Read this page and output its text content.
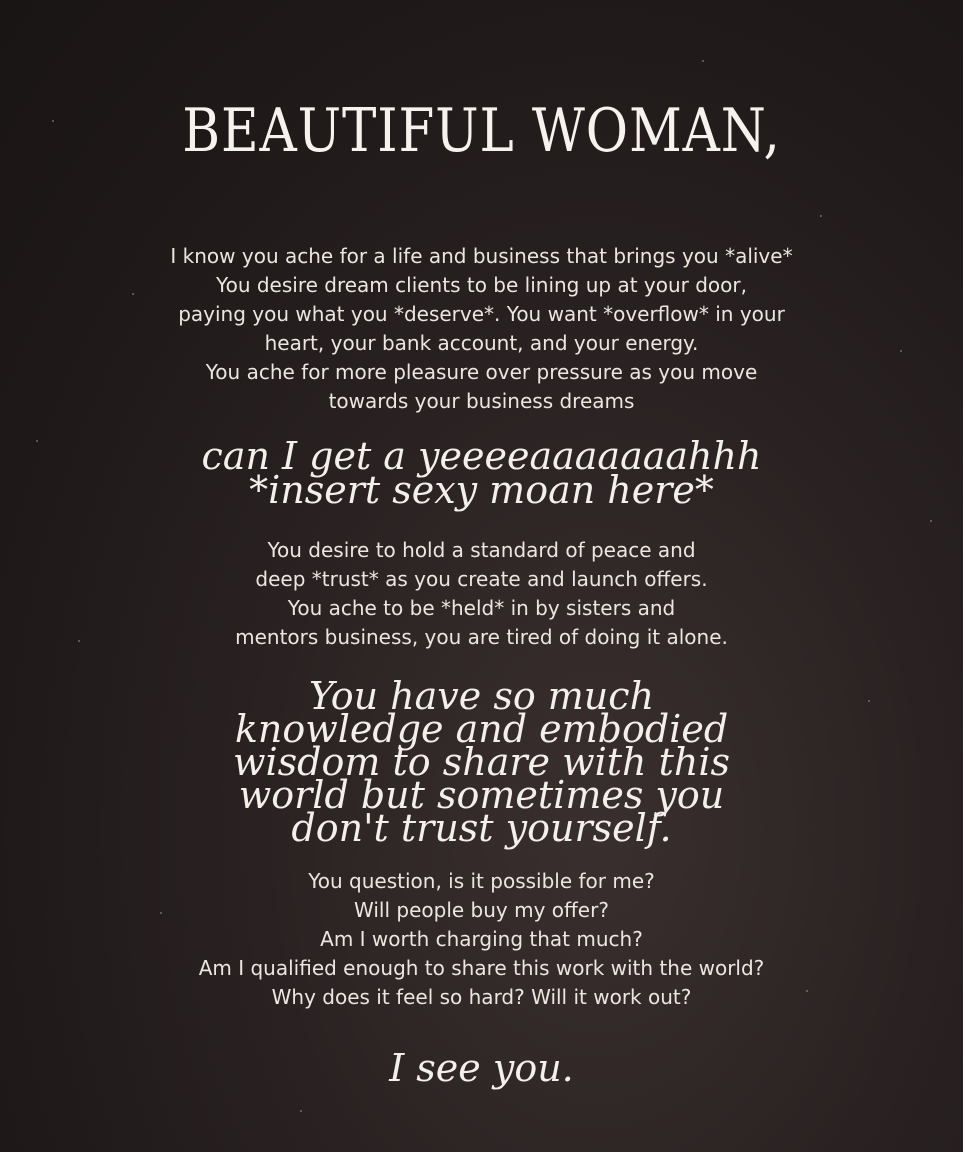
BEAUTIFUL WOMAN,
I know you ache for a life and business that brings you *alive*
You desire dream clients to be lining up at your door,
paying you what you *deserve*. You want *overflow* in your
heart, your bank account, and your energy.
You ache for more pleasure over pressure as you move
towards your business dreams
can I get a yeeeeaaaaaaahhh
*insert sexy moan here*
You desire to hold a standard of peace and
deep *trust* as you create and launch offers.
You ache to be *held* in by sisters and
mentors business, you are tired of doing it alone.
You have so much
knowledge and embodied
wisdom to share with this
world but sometimes you
don't trust yourself.
You question, is it possible for me?
Will people buy my offer?
Am I worth charging that much?
Am I qualified enough to share this work with the world?
Why does it feel so hard? Will it work out?
I see you.
